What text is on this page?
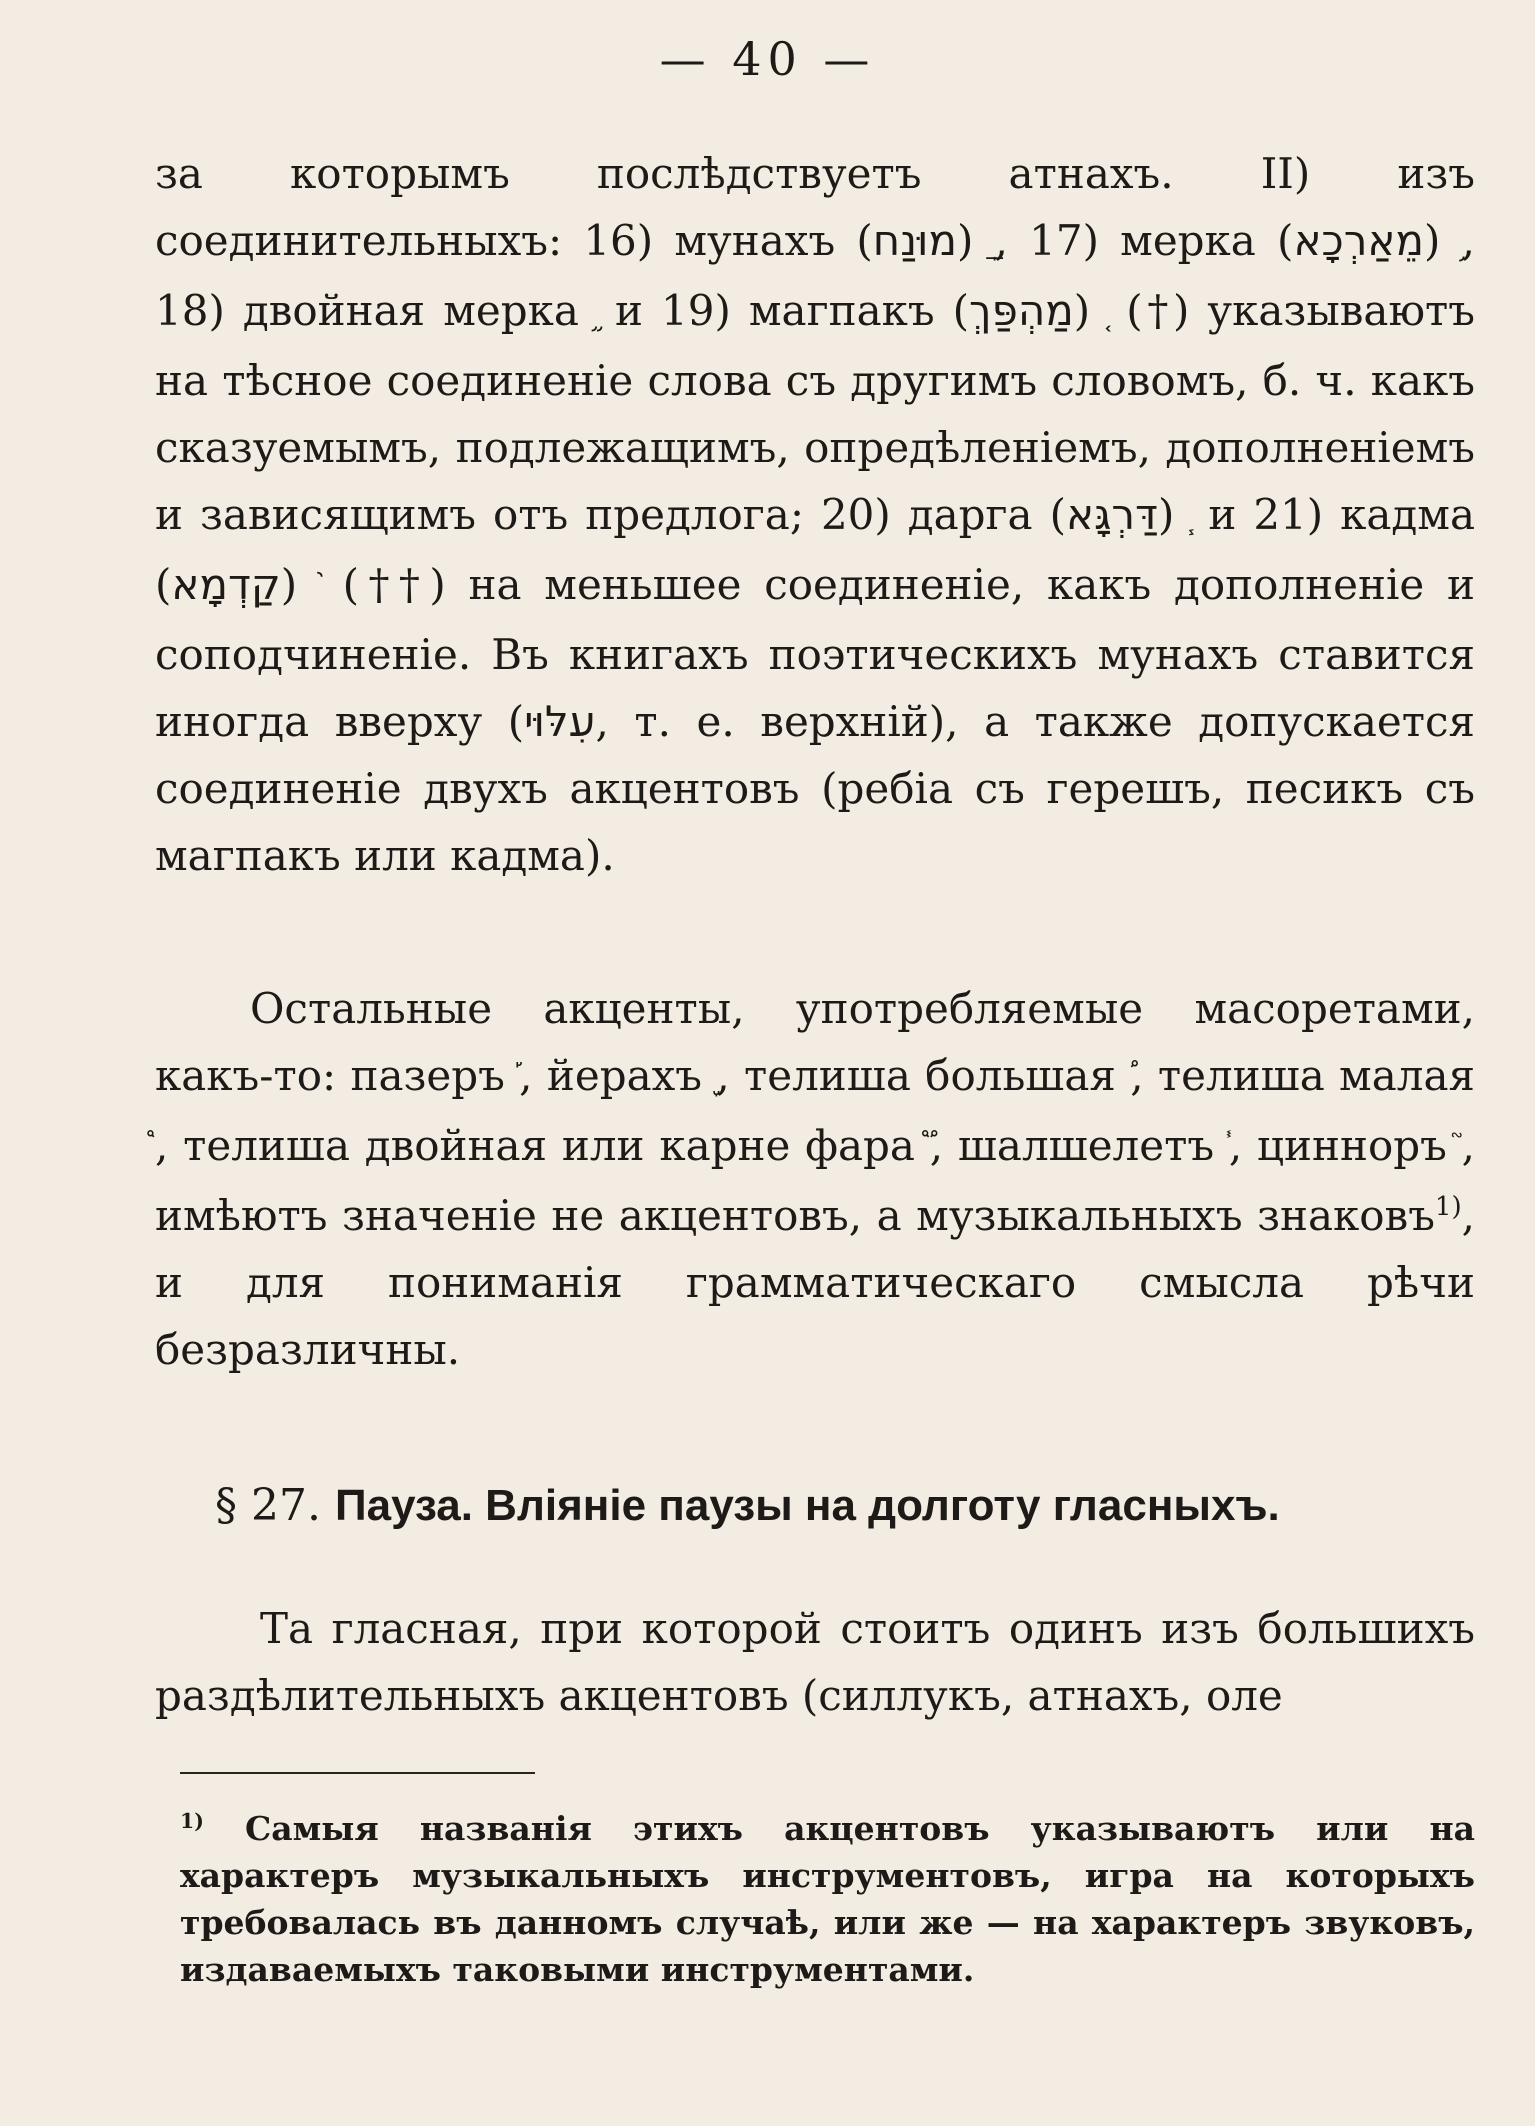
— 40 —
за которымъ послѣдствуетъ атнахъ. II) изъ соединительныхъ: 16) мунахъ (מוּנַח) , 17) мерка (מֵאַרְכָא) , 18) двойная мерка и 19) магпакъ (מַהְפַּךְ) (†) указываютъ на тѣсное соединеніе слова съ другимъ словомъ, б. ч. какъ сказуемымъ, подлежащимъ, опредѣленіемъ, дополненіемъ и зависящимъ отъ предлога; 20) дарга (דַּרְגָּא) и 21) кадма (קַדְמָא) (††) на меньшее соединеніе, какъ дополненіе и соподчиненіе. Въ книгахъ поэтическихъ мунахъ ставится иногда вверху (עִלּוּי, т. е. верхній), а также допускается соединеніе двухъ акцентовъ (ребіа съ герешъ, песикъ съ магпакъ или кадма).
Остальные акценты, употребляемые масоретами, какъ-то: пазеръ , йерахъ , телиша большая , телиша малая , телиша двойная или карне фара , шалшелетъ , цинноръ , имѣютъ значеніе не акцентовъ, а музыкальныхъ знаковъ$^{1)}$, и для пониманія грамматическаго смысла рѣчи безразличны.
§ 27. Пауза. Вліяніе паузы на долготу гласныхъ.
Та гласная, при которой стоитъ одинъ изъ большихъ раздѣлительныхъ акцентовъ (силлукъ, атнахъ, оле
$^{1)}$ Самыя названія этихъ акцентовъ указываютъ или на характеръ музыкальныхъ инструментовъ, игра на которыхъ требовалась въ данномъ случаѣ, или же — на характеръ звуковъ, издаваемыхъ таковыми инструментами.
